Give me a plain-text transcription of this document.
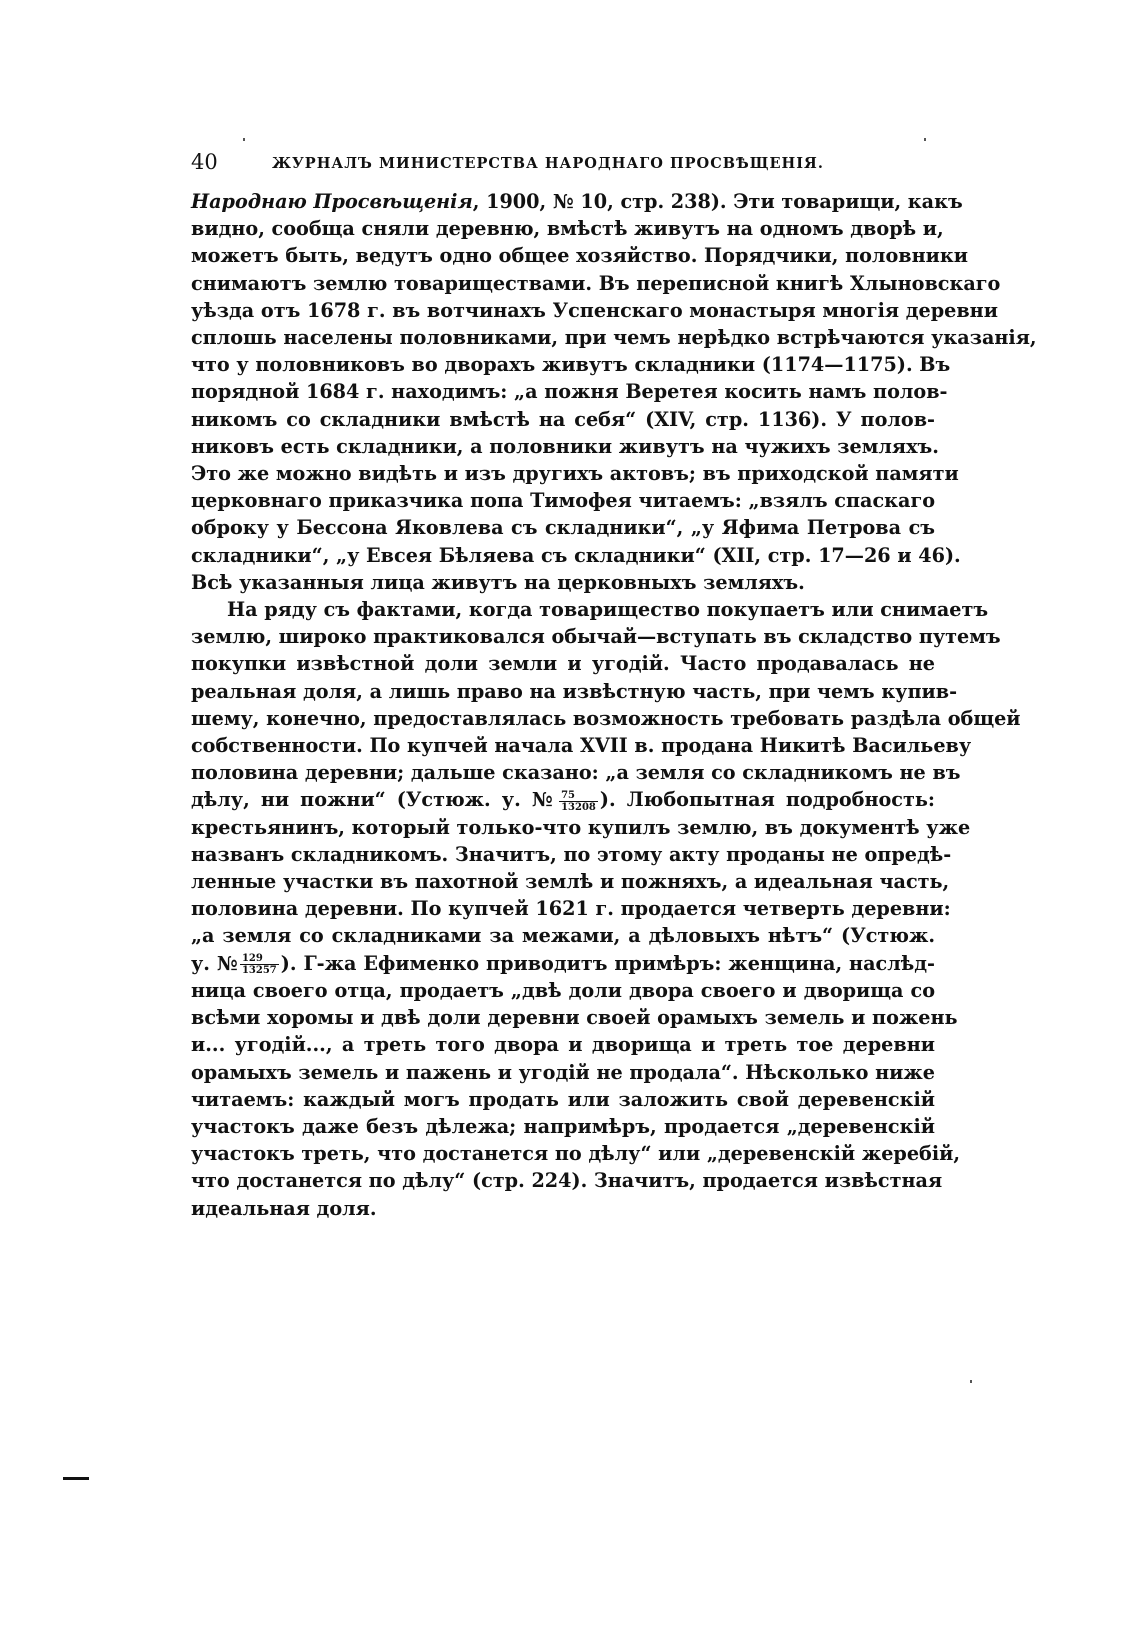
40	ЖУРНАЛЪ МИНИСТЕРСТВА НАРОДНАГО ПРОСВѢЩЕНІЯ.
Народнаю Просвѣщенія, 1900, № 10, стр. 238). Эти товарищи, какъ
видно, сообща сняли деревню, вмѣстѣ живутъ на одномъ дворѣ и,
можетъ быть, ведутъ одно общее хозяйство. Порядчики, половники
снимаютъ землю товариществами. Въ переписной книгѣ Хлыновскаго
уѣзда отъ 1678 г. въ вотчинахъ Успенскаго монастыря многія деревни
сплошь населены половниками, при чемъ нерѣдко встрѣчаются указанія,
что у половниковъ во дворахъ живутъ складники (1174—1175). Въ
порядной 1684 г. находимъ: „а пожня Веретея косить намъ полов-
никомъ со складники вмѣстѣ на себя“ (XIV, стр. 1136). У полов-
никовъ есть складники, а половники живутъ на чужихъ земляхъ.
Это же можно видѣть и изъ другихъ актовъ; въ приходской памяти
церковнаго приказчика попа Тимофея читаемъ: „взялъ спаскаго
оброку у Бессона Яковлева съ складники“, „у Яфима Петрова съ
складники“, „у Евсея Бѣляева съ складники“ (XII, стр. 17—26 и 46).
Всѣ указанныя лица живутъ на церковныхъ земляхъ.
На ряду съ фактами, когда товарищество покупаетъ или снимаетъ
землю, широко практиковался обычай—вступать въ складство путемъ
покупки извѣстной доли земли и угодій. Часто продавалась не
реальная доля, а лишь право на извѣстную часть, при чемъ купив-
шему, конечно, предоставлялась возможность требовать раздѣла общей
собственности. По купчей начала XVII в. продана Никитѣ Васильеву
половина деревни; дальше сказано: „а земля со складникомъ не въ
дѣлу, ни пожни“ (Устюж. у. № $\frac{75}{13208}$ ). Любопытная подробность:
крестьянинъ, который только-что купилъ землю, въ документѣ уже
названъ складникомъ. Значитъ, по этому акту проданы не опредѣ-
ленные участки въ пахотной землѣ и пожняхъ, а идеальная часть,
половина деревни. По купчей 1621 г. продается четверть деревни:
„а земля со складниками за межами, а дѣловыхъ нѣтъ“ (Устюж.
у. № $\frac{129}{13257}$ ). Г-жа Ефименко приводитъ примѣръ: женщина, наслѣд-
ница своего отца, продаетъ „двѣ доли двора своего и дворища со
всѣми хоромы и двѣ доли деревни своей орамыхъ земель и пожень
и... угодій..., а треть того двора и дворища и треть тое деревни
орамыхъ земель и пажень и угодій не продала“. Нѣсколько ниже
читаемъ: каждый могъ продать или заложить свой деревенскій
участокъ даже безъ дѣлежа; напримѣръ, продается „деревенскій
участокъ треть, что достанется по дѣлу“ или „деревенскій жеребій,
что достанется по дѣлу“ (стр. 224). Значитъ, продается извѣстная
идеальная доля.
